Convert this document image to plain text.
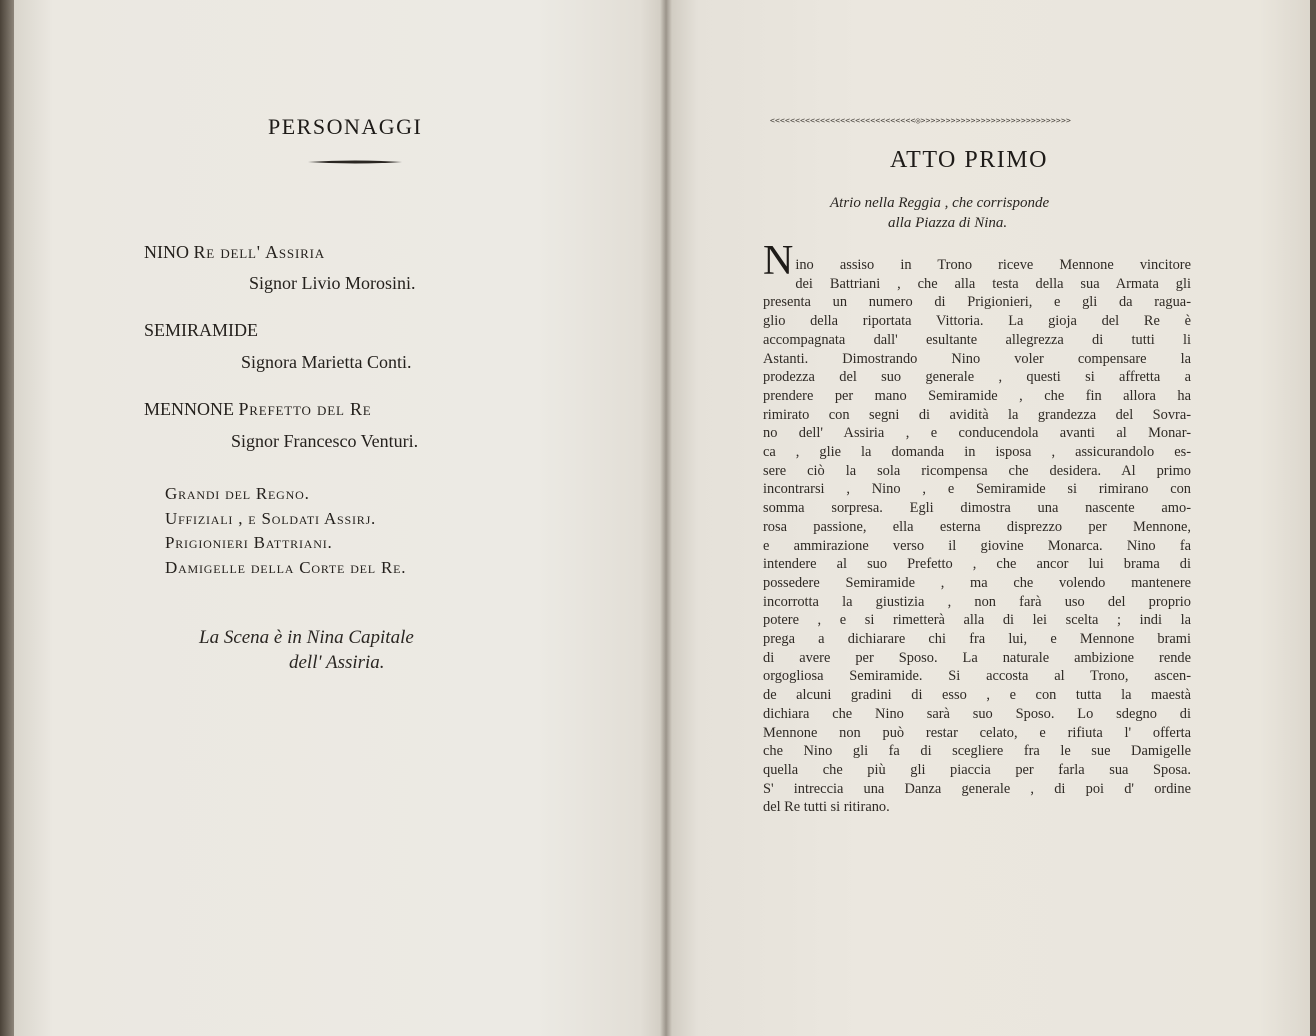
PERSONAGGI
NINO Re dell' Assiria
Signor Livio Morosini.
SEMIRAMIDE
Signora Marietta Conti.
MENNONE Prefetto del Re
Signor Francesco Venturi.
Grandi del Regno.
Uffiziali , e Soldati Assirj.
Prigionieri Battriani.
Damigelle della Corte del Re.
La Scena è in Nina Capitale
dell' Assiria.
<<<<<<<<<<<<<<<<<<<<<<<<<<<<<◎>>>>>>>>>>>>>>>>>>>>>>>>>>>>>>
ATTO PRIMO
Atrio nella Reggia , che corrisponde
alla Piazza di Nina.
N ino assiso in Trono riceve Mennone vincitore
dei Battriani , che alla testa della sua Armata gli
presenta un numero di Prigionieri, e gli da ragua-
glio della riportata Vittoria. La gioja del Re è
accompagnata dall' esultante allegrezza di tutti li
Astanti. Dimostrando Nino voler compensare la
prodezza del suo generale , questi si affretta a
prendere per mano Semiramide , che fin allora ha
rimirato con segni di avidità la grandezza del Sovra-
no dell' Assiria , e conducendola avanti al Monar-
ca , glie la domanda in isposa , assicurandolo es-
sere ciò la sola ricompensa che desidera. Al primo
incontrarsi , Nino , e Semiramide si rimirano con
somma sorpresa. Egli dimostra una nascente amo-
rosa passione, ella esterna disprezzo per Mennone,
e ammirazione verso il giovine Monarca. Nino fa
intendere al suo Prefetto , che ancor lui brama di
possedere Semiramide , ma che volendo mantenere
incorrotta la giustizia , non farà uso del proprio
potere , e si rimetterà alla di lei scelta ; indi la
prega a dichiarare chi fra lui, e Mennone brami
di avere per Sposo. La naturale ambizione rende
orgogliosa Semiramide. Si accosta al Trono, ascen-
de alcuni gradini di esso , e con tutta la maestà
dichiara che Nino sarà suo Sposo. Lo sdegno di
Mennone non può restar celato, e rifiuta l' offerta
che Nino gli fa di scegliere fra le sue Damigelle
quella che più gli piaccia per farla sua Sposa.
S' intreccia una Danza generale , di poi d' ordine
del Re tutti si ritirano.
